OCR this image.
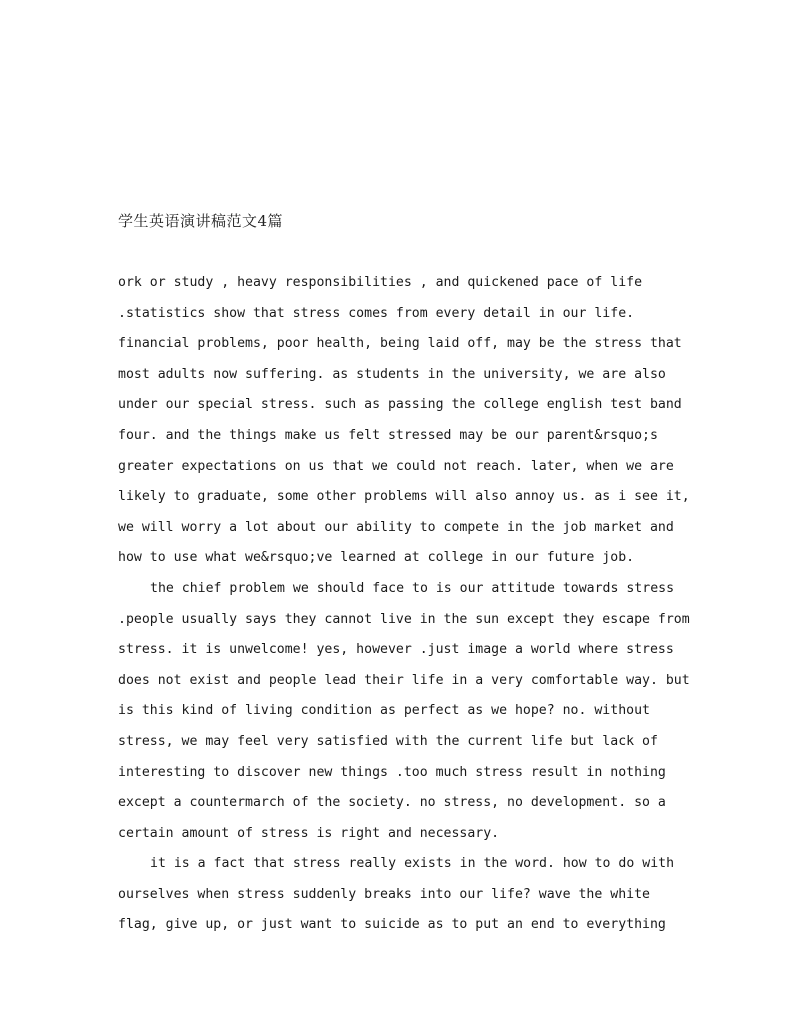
学生英语演讲稿范文4篇
ork or study , heavy responsibilities , and quickened pace of life
.statistics show that stress comes from every detail in our life.
financial problems, poor health, being laid off, may be the stress that
most adults now suffering. as students in the university, we are also
under our special stress. such as passing the college english test band
four. and the things make us felt stressed may be our parent&rsquo;s
greater expectations on us that we could not reach. later, when we are
likely to graduate, some other problems will also annoy us. as i see it,
we will worry a lot about our ability to compete in the job market and
how to use what we&rsquo;ve learned at college in our future job.
the chief problem we should face to is our attitude towards stress
.people usually says they cannot live in the sun except they escape from
stress. it is unwelcome! yes, however .just image a world where stress
does not exist and people lead their life in a very comfortable way. but
is this kind of living condition as perfect as we hope? no. without
stress, we may feel very satisfied with the current life but lack of
interesting to discover new things .too much stress result in nothing
except a countermarch of the society. no stress, no development. so a
certain amount of stress is right and necessary.
it is a fact that stress really exists in the word. how to do with
ourselves when stress suddenly breaks into our life? wave the white
flag, give up, or just want to suicide as to put an end to everything
